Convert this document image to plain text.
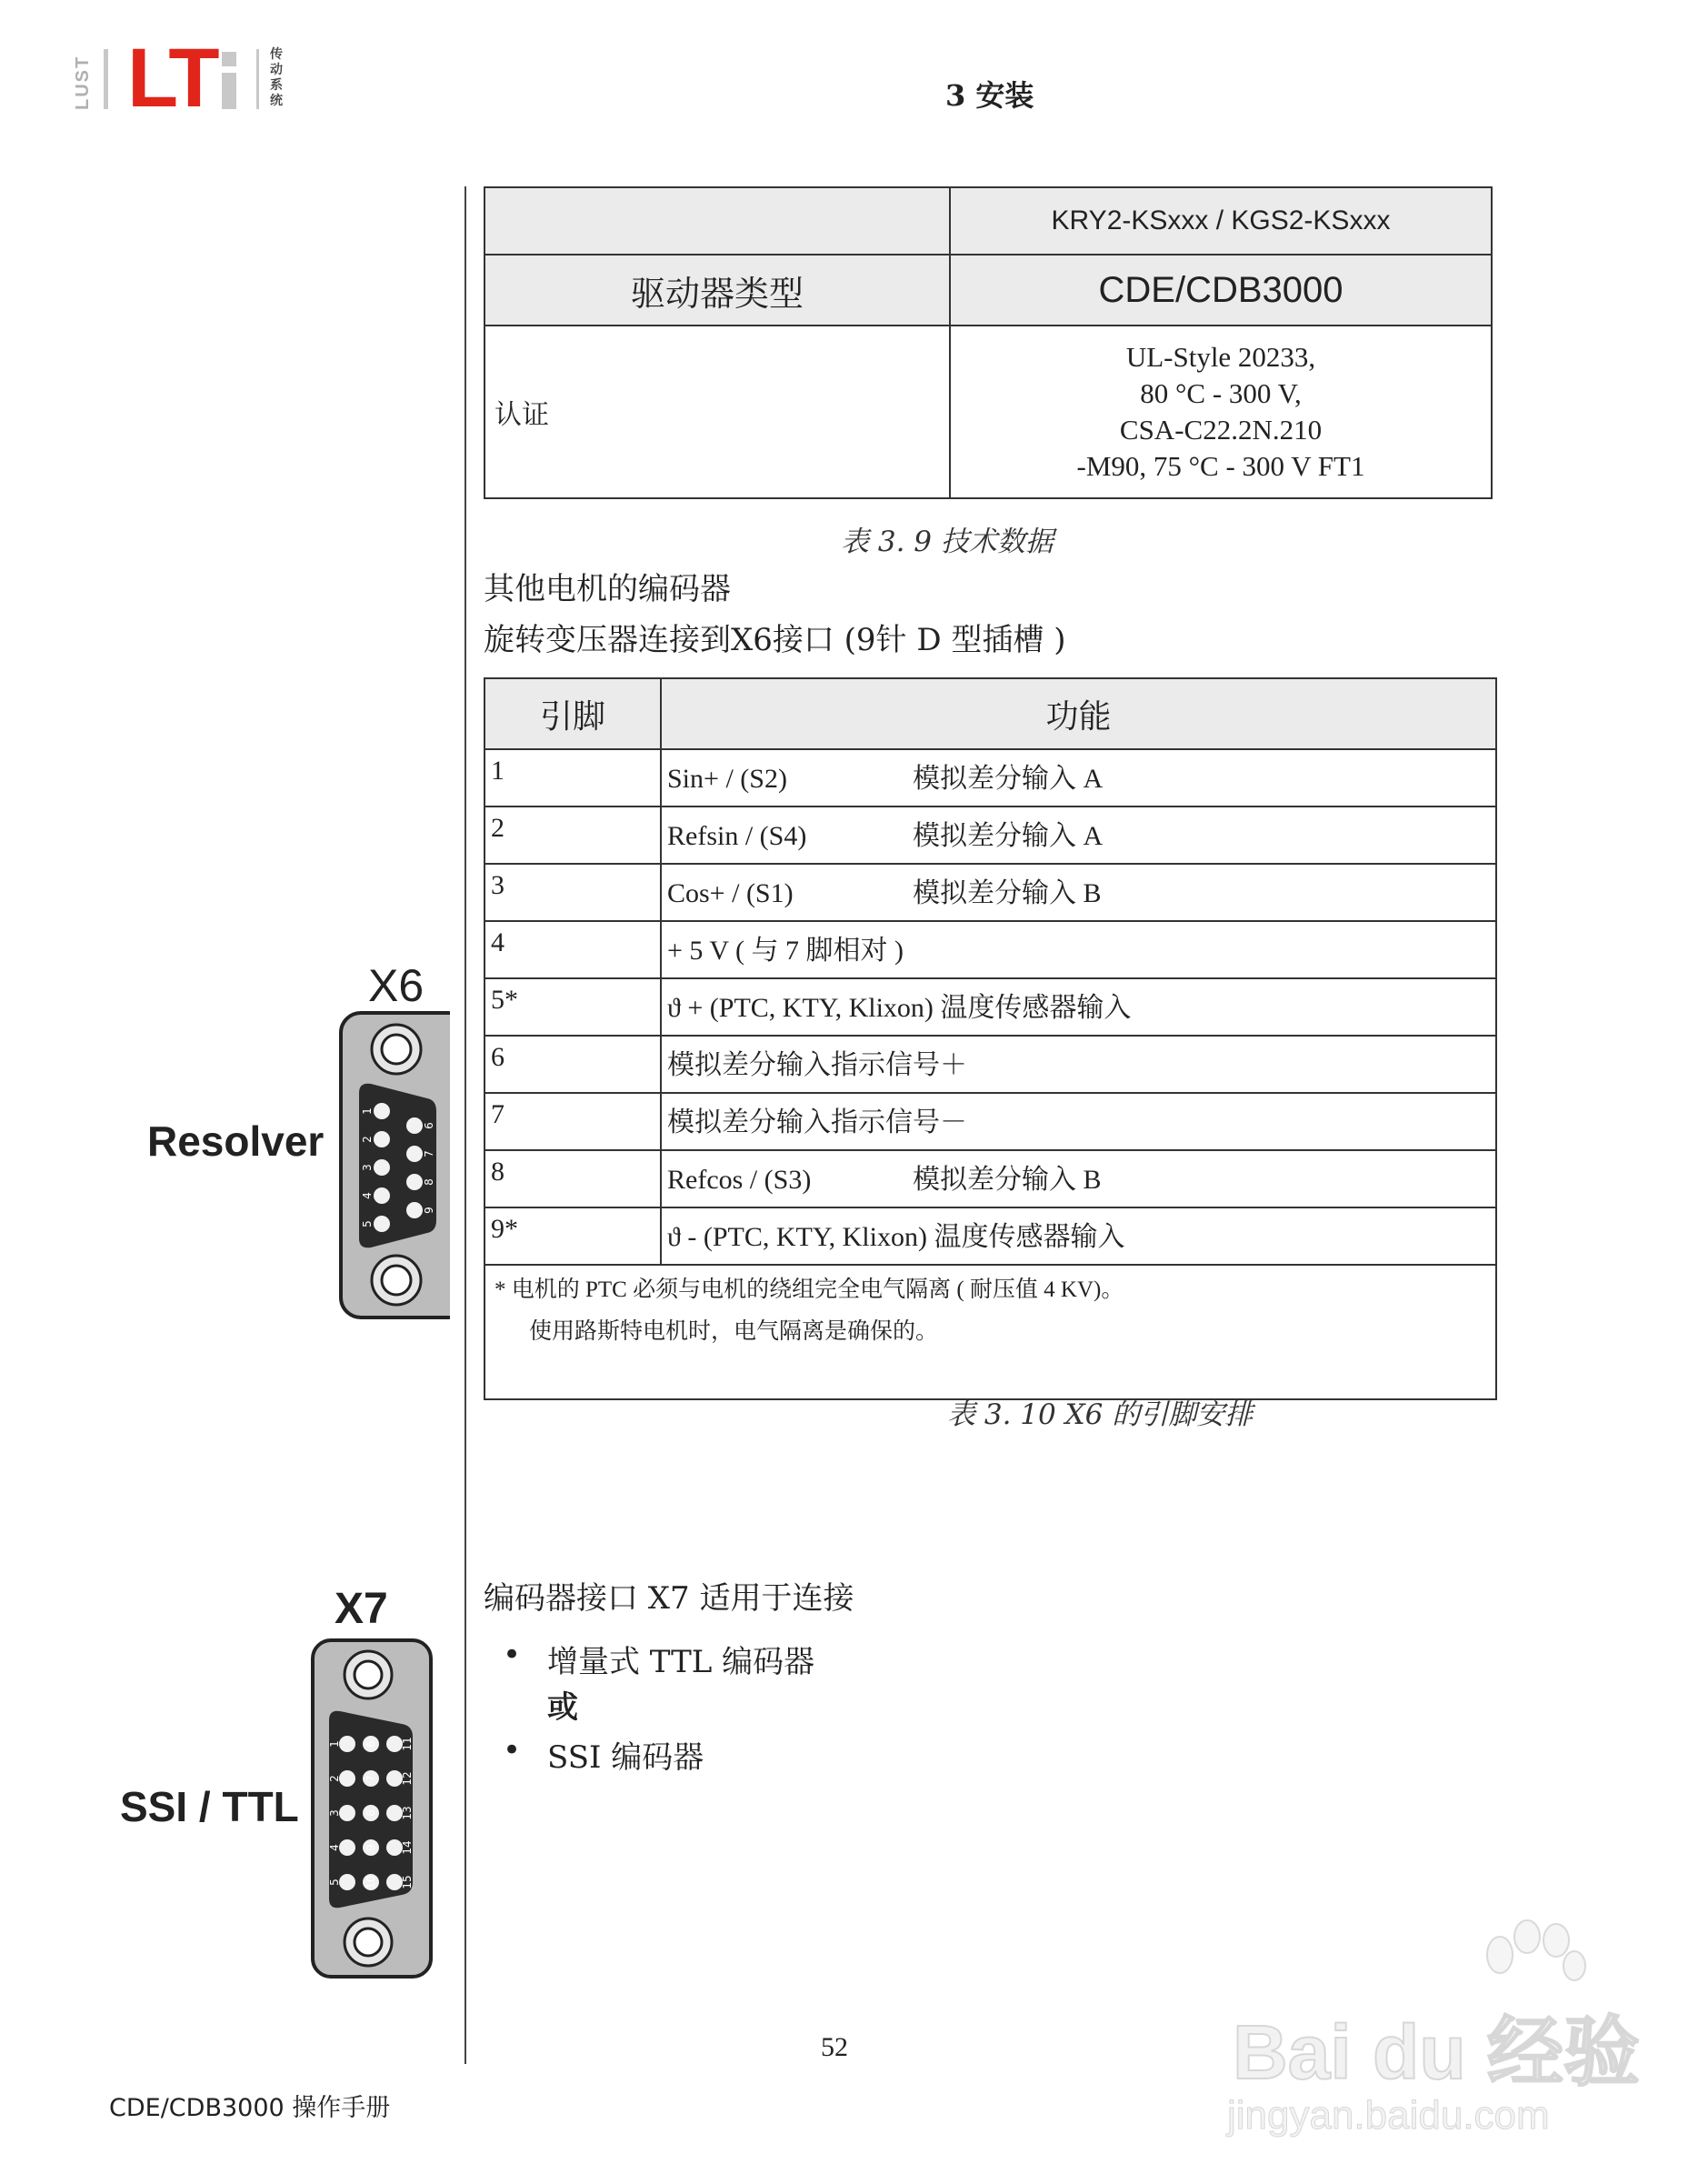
LUST LT	传动系统	3 安装
	KRY2-KSxxx / KGS2-KSxxx
驱动器类型	CDE/CDB3000
认证	UL-Style 20233,
80 °C - 300 V,
CSA-C22.2N.210
-M90, 75 °C - 300 V FT1
表 3. 9 技术数据
其他电机的编码器
旋转变压器连接到X6接口 (9针 D 型插槽 )
引脚	功能
1	Sin+ / (S2) 模拟差分输入 A
2	Refsin / (S4) 模拟差分输入 A
3	Cos+ / (S1) 模拟差分输入 B
4	+ 5 V ( 与 7 脚相对 )
5*	ϑ + (PTC, KTY, Klixon) 温度传感器输入
6	模拟差分输入指示信号＋
7	模拟差分输入指示信号－
8	Refcos / (S3) 模拟差分输入 B
9*	ϑ - (PTC, KTY, Klixon) 温度传感器输入

* 电机的 PTC 必须与电机的绕组完全电气隔离 ( 耐压值 4 KV)。
使用路斯特电机时，电气隔离是确保的。	
表 3. 10 X6 的引脚安排
X6
Resolver
1
2
3
4
5
6
7
8
9
X7
SSI / TTL
1
2
3
4
5
6
7
8
9
10
11
12
13
14
15
编码器接口 X7 适用于连接
• 增量式 TTL 编码器
或
• SSI 编码器
52
CDE/CDB3000 操作手册
Bai du 经验
jingyan.baidu.com
